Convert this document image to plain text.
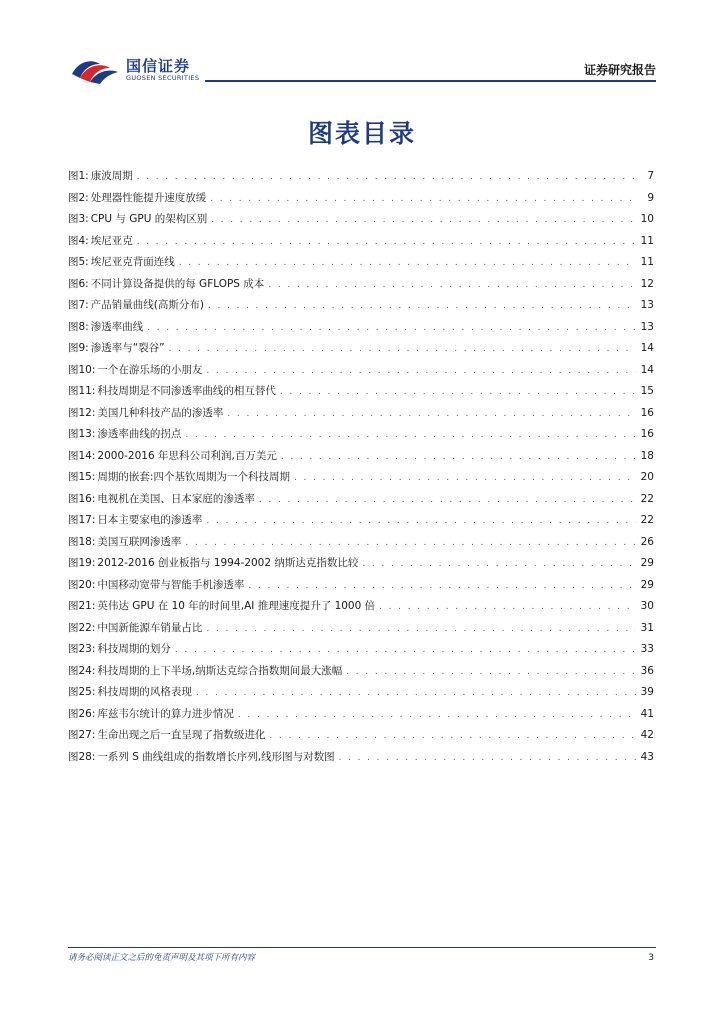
国信证券
GUOSEN SECURITIES
证券研究报告
图表目录
图1: 康波周期 . . .	7
图2: 处理器性能提升速度放缓 . . .	9
图3: CPU 与 GPU 的架构区别 . . .	10
图4: 埃尼亚克 . . .	11
图5: 埃尼亚克背面连线 . . .	11
图6: 不同计算设备提供的每 GFLOPS 成本 . . .	12
图7: 产品销量曲线(高斯分布) . . .	13
图8: 渗透率曲线 . . .	13
图9: 渗透率与“裂谷” . . .	14
图10: 一个在游乐场的小朋友 . . .	14
图11: 科技周期是不同渗透率曲线的相互替代 . . .	15
图12: 美国几种科技产品的渗透率 . . .	16
图13: 渗透率曲线的拐点 . . .	16
图14: 2000-2016 年思科公司利润,百万美元 . . .	18
图15: 周期的嵌套:四个基钦周期为一个科技周期 . . .	20
图16: 电视机在美国、日本家庭的渗透率 . . .	22
图17: 日本主要家电的渗透率 . . .	22
图18: 美国互联网渗透率 . . .	26
图19: 2012-2016 创业板指与 1994-2002 纳斯达克指数比较 . . .	29
图20: 中国移动宽带与智能手机渗透率 . . .	29
图21: 英伟达 GPU 在 10 年的时间里,AI 推理速度提升了 1000 倍 . . .	30
图22: 中国新能源车销量占比 . . .	31
图23: 科技周期的划分 . . .	33
图24: 科技周期的上下半场,纳斯达克综合指数期间最大涨幅 . . .	36
图25: 科技周期的风格表现 . . .	39
图26: 库兹韦尔统计的算力进步情况 . . .	41
图27: 生命出现之后一直呈现了指数级进化 . . .	42
图28: 一系列 S 曲线组成的指数增长序列,线形图与对数图 . . .	43
请务必阅读正文之后的免责声明及其项下所有内容	3
